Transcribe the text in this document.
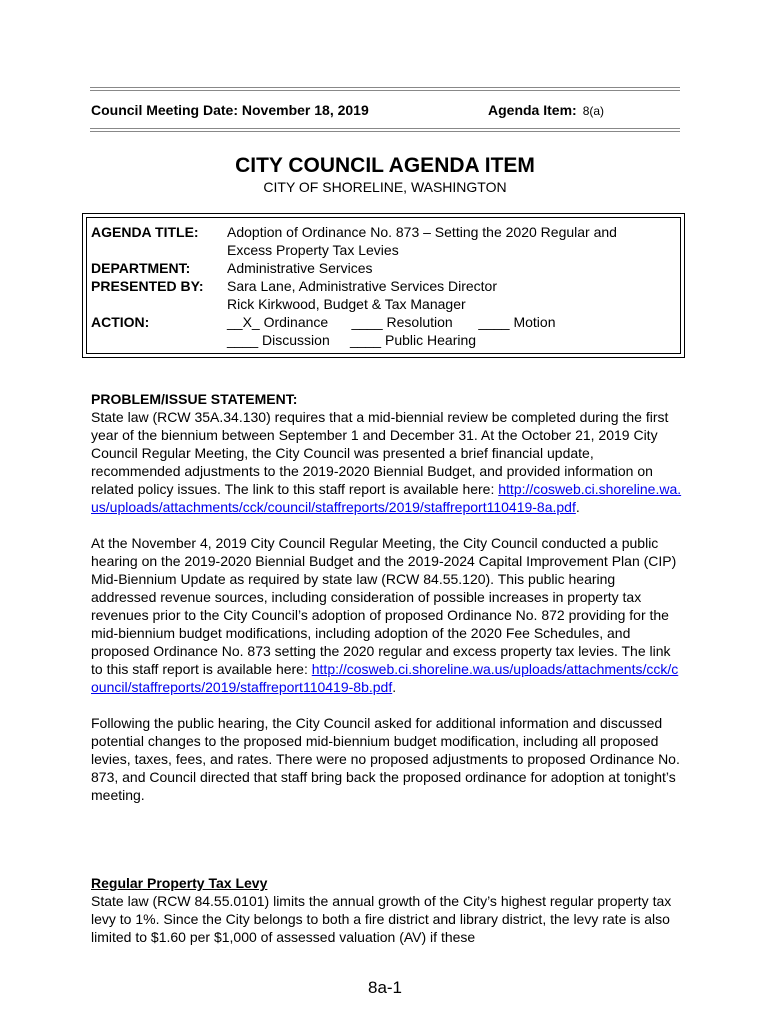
Council Meeting Date: November 18, 2019	Agenda Item: 8(a)
CITY COUNCIL AGENDA ITEM
CITY OF SHORELINE, WASHINGTON
AGENDA TITLE: Adoption of Ordinance No. 873 – Setting the 2020 Regular and
Excess Property Tax Levies
DEPARTMENT:	Administrative Services
PRESENTED BY: Sara Lane, Administrative Services Director
Rick Kirkwood, Budget & Tax Manager
ACTION:	__X_ Ordinance ____ Resolution ____ Motion
____ Discussion ____ Public Hearing

PROBLEM/ISSUE STATEMENT:

State law (RCW 35A.34.130) requires that a mid-biennial review be completed during the first year of the biennium between September 1 and December 31. At the October 21, 2019 City Council Regular Meeting, the City Council was presented a brief financial update, recommended adjustments to the 2019-2020 Biennial Budget, and provided information on related policy issues. The link to this staff report is available here: http://cosweb.ci.shoreline.wa.us/uploads/attachments/cck/council/staffreports/2019/staffreport110419-8a.pdf.

At the November 4, 2019 City Council Regular Meeting, the City Council conducted a public hearing on the 2019-2020 Biennial Budget and the 2019-2024 Capital Improvement Plan (CIP) Mid-Biennium Update as required by state law (RCW 84.55.120). This public hearing addressed revenue sources, including consideration of possible increases in property tax revenues prior to the City Council’s adoption of proposed Ordinance No. 872 providing for the mid-biennium budget modifications, including adoption of the 2020 Fee Schedules, and proposed Ordinance No. 873 setting the 2020 regular and excess property tax levies. The link to this staff report is available here: http://cosweb.ci.shoreline.wa.us/uploads/attachments/cck/council/staffreports/2019/staffreport110419-8b.pdf.

Following the public hearing, the City Council asked for additional information and discussed potential changes to the proposed mid-biennium budget modification, including all proposed levies, taxes, fees, and rates. There were no proposed adjustments to proposed Ordinance No. 873, and Council directed that staff bring back the proposed ordinance for adoption at tonight’s meeting.

Regular Property Tax Levy

State law (RCW 84.55.0101) limits the annual growth of the City’s highest regular property tax levy to 1%. Since the City belongs to both a fire district and library district, the levy rate is also limited to $1.60 per $1,000 of assessed valuation (AV) if these

8a-1
